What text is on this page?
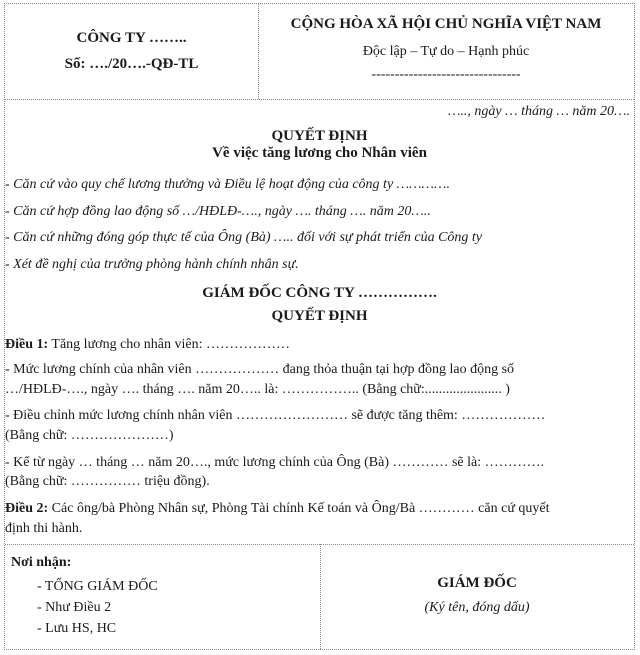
CÔNG TY ……..
Số: …./20….-QĐ-TL
CỘNG HÒA XÃ HỘI CHỦ NGHĨA VIỆT NAM
Độc lập – Tự do – Hạnh phúc
--------------------------------
….., ngày … tháng … năm 20….
QUYẾT ĐỊNH
Về việc tăng lương cho Nhân viên
- Căn cứ vào quy chế lương thưởng và Điều lệ hoạt động của công ty ………….
- Căn cứ hợp đồng lao động số …/HĐLĐ-…., ngày …. tháng …. năm 20…..
- Căn cứ những đóng góp thực tế của Ông (Bà) ….. đối với sự phát triển của Công ty
- Xét đề nghị của trưởng phòng hành chính nhân sự.
GIÁM ĐỐC CÔNG TY …………….
QUYẾT ĐỊNH
Điều 1: Tăng lương cho nhân viên: ………………
- Mức lương chính của nhân viên ……………… đang thỏa thuận tại hợp đồng lao động số
…/HĐLĐ-…., ngày …. tháng …. năm 20….. là: …………….. (Bằng chữ:...................... )
- Điều chỉnh mức lương chính nhân viên …………………… sẽ được tăng thêm: ………………
(Bằng chữ: …………………)
- Kể từ ngày … tháng … năm 20…., mức lương chính của Ông (Bà) ………… sẽ là: ………….
(Bằng chữ: …………… triệu đồng).
Điều 2: Các ông/bà Phòng Nhân sự, Phòng Tài chính Kế toán và Ông/Bà ………… căn cứ quyết
định thi hành.
Nơi nhận:
- TỔNG GIÁM ĐỐC
- Như Điều 2
- Lưu HS, HC
GIÁM ĐỐC
(Ký tên, đóng dấu)
